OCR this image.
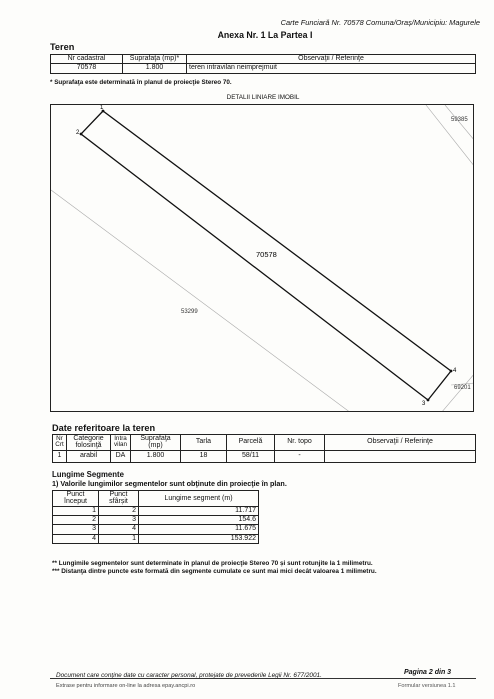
Carte Funciară Nr. 70578 Comuna/Oraș/Municipiu: Magurele
Anexa Nr. 1 La Partea I
Teren
Nr cadastral	Suprafaţa (mp)*	Observaţii / Referinţe
70578	1.800	teren intravilan neimprejmuit
* Suprafaţa este determinată în planul de proiecţie Stereo 70.
DETALII LINIARE IMOBIL
1
2
3
4
70578
59385
53299
69201
Date referitoare la teren
Nr Crt	Categorie folosinţă	Intra vilan	Suprafaţa (mp)	Tarla	Parcelă	Nr. topo	Observaţii / Referinţe
1	arabil	DA	1.800	18	58/11	-	
Lungime Segmente
1) Valorile lungimilor segmentelor sunt obţinute din proiecţie în plan.
Punct început	Punct sfârșit	Lungime segment (m)
1	2	11.717
2	3	154.6
3	4	11.675
4	1	153.922
** Lungimile segmentelor sunt determinate în planul de proiecţie Stereo 70 și sunt rotunjite la 1 milimetru.
*** Distanţa dintre puncte este formată din segmente cumulate ce sunt mai mici decât valoarea 1 milimetru.
Document care conţine date cu caracter personal, protejate de prevederile Legii Nr. 677/2001.	Pagina 2 din 3
Extrase pentru informare on-line la adresa epay.ancpi.ro	Formular versiunea 1.1
